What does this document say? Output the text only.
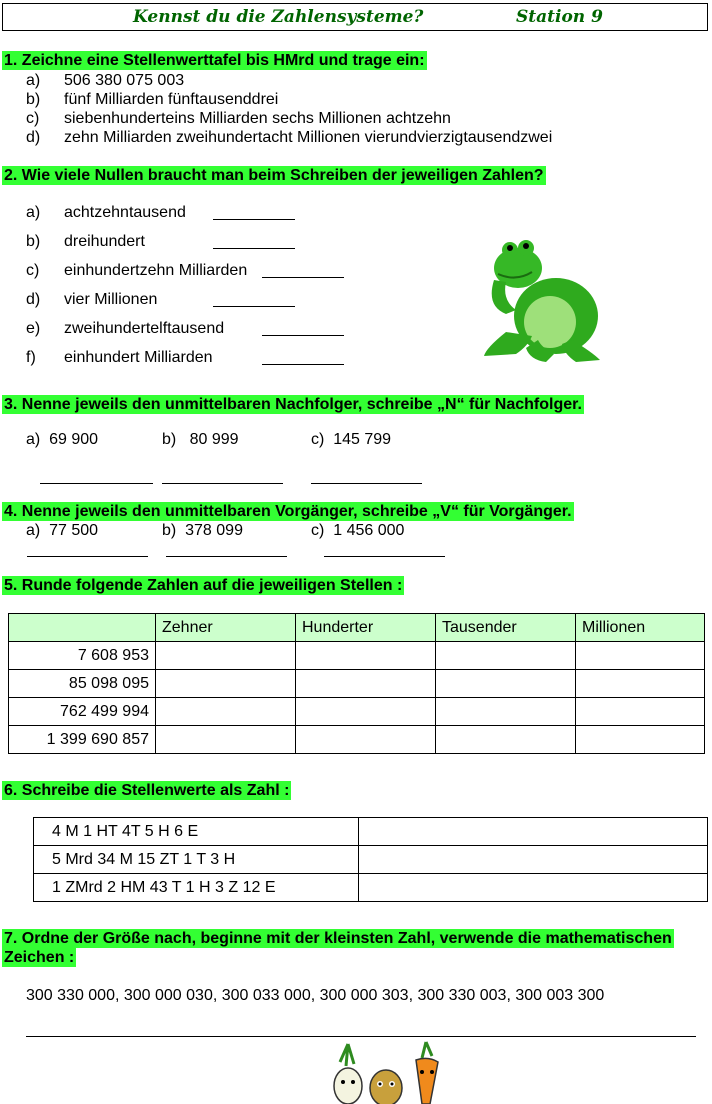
Kennst du die Zahlensysteme?	Station 9
1. Zeichne eine Stellenwerttafel bis HMrd und trage ein:
a) 506 380 075 003
b) fünf Milliarden fünftausenddrei
c) siebenhunderteins Milliarden sechs Millionen achtzehn
d) zehn Milliarden zweihundertacht Millionen vierundvierzigtausendzwei
2. Wie viele Nullen braucht man beim Schreiben der jeweiligen Zahlen?
a) achtzehntausend
b) dreihundert
c) einhundertzehn Milliarden
d) vier Millionen
e) zweihundertelftausend
f) einhundert Milliarden
3. Nenne jeweils den unmittelbaren Nachfolger, schreibe „N“ für Nachfolger.
a) 69 900	b) 80 999	c) 145 799
4. Nenne jeweils den unmittelbaren Vorgänger, schreibe „V“ für Vorgänger.
a) 77 500	b) 378 099	c) 1 456 000
5. Runde folgende Zahlen auf die jeweiligen Stellen :
	Zehner	Hunderter	Tausender	Millionen
7 608 953				
85 098 095				
762 499 994				
1 399 690 857				
6. Schreibe die Stellenwerte als Zahl :
4 M 1 HT 4T 5 H 6 E	
5 Mrd 34 M 15 ZT 1 T 3 H	
1 ZMrd 2 HM 43 T 1 H 3 Z 12 E	
7. Ordne der Größe nach, beginne mit der kleinsten Zahl, verwende die mathematischen
Zeichen :
300 330 000, 300 000 030, 300 033 000, 300 000 303, 300 330 003, 300 003 300
